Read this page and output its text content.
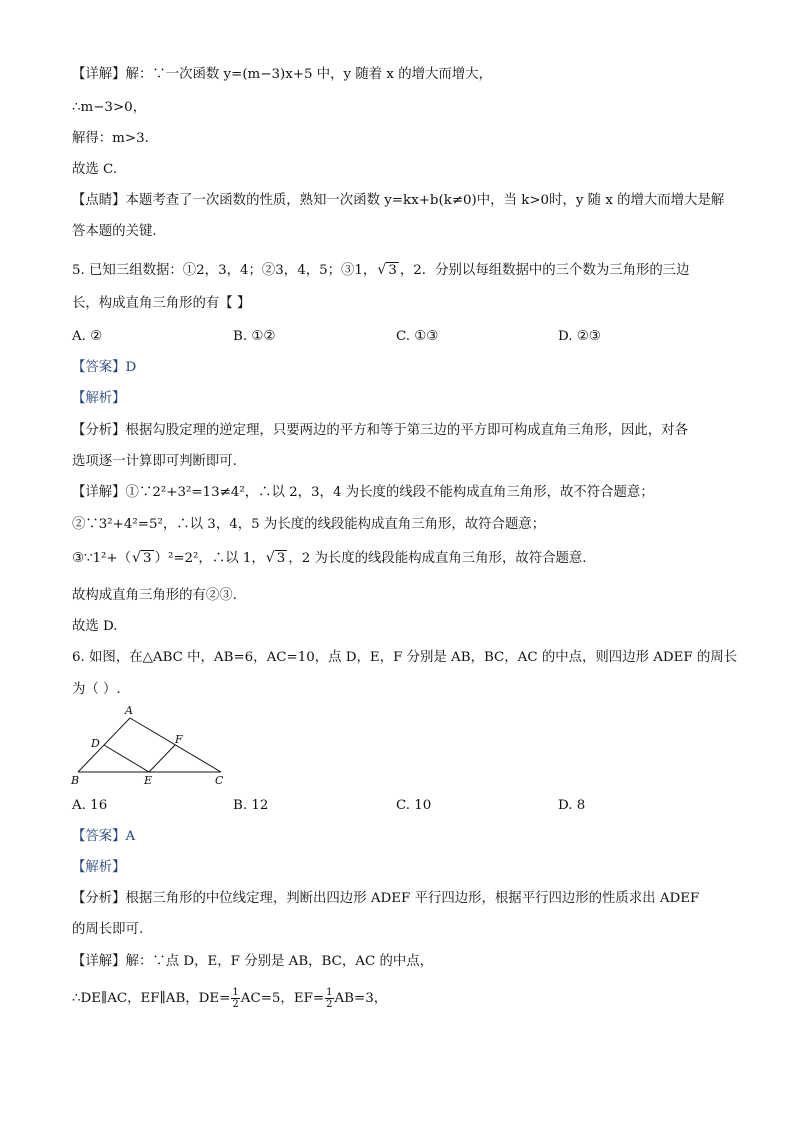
【详解】解：∵一次函数 y=(m−3)x+5 中，y 随着 x 的增大而增大，
∴m−3>0，
解得：m>3.
故选 C.
【点睛】本题考查了一次函数的性质，熟知一次函数 y=kx+b(k≠0)中，当 k>0时，y 随 x 的增大而增大是解
答本题的关键.
5. 已知三组数据：①2，3，4；②3，4，5；③1， √ 3 ，2．分别以每组数据中的三个数为三角形的三边
长，构成直角三角形的有【 】
A. ②	B. ①②	C. ①③	D. ②③
【答案】D
【解析】
【分析】根据勾股定理的逆定理，只要两边的平方和等于第三边的平方即可构成直角三角形，因此，对各
选项逐一计算即可判断即可.
【详解】①∵2²+3²=13≠4²，∴以 2，3，4 为长度的线段不能构成直角三角形，故不符合题意；
②∵3²+4²=5²，∴以 3，4，5 为长度的线段能构成直角三角形，故符合题意；
③∵1²+（ √ 3 ）²=2²，∴以 1， √ 3 ，2 为长度的线段能构成直角三角形，故符合题意.
故构成直角三角形的有②③.
故选 D.
6. 如图，在△ABC 中，AB=6，AC=10，点 D，E，F 分别是 AB，BC，AC 的中点，则四边形 ADEF 的周长
为（ ）.
A
B	C
D
E
F
A. 16	B. 12	C. 10	D. 8
【答案】A
【解析】
【分析】根据三角形的中位线定理，判断出四边形 ADEF 平行四边形，根据平行四边形的性质求出 ADEF
的周长即可.
【详解】解：∵点 D，E，F 分别是 AB，BC，AC 的中点，
∴DE∥AC，EF∥AB，$DE= \frac{1}{2} AC=5$，$EF= \frac{1}{2} AB=3$，
